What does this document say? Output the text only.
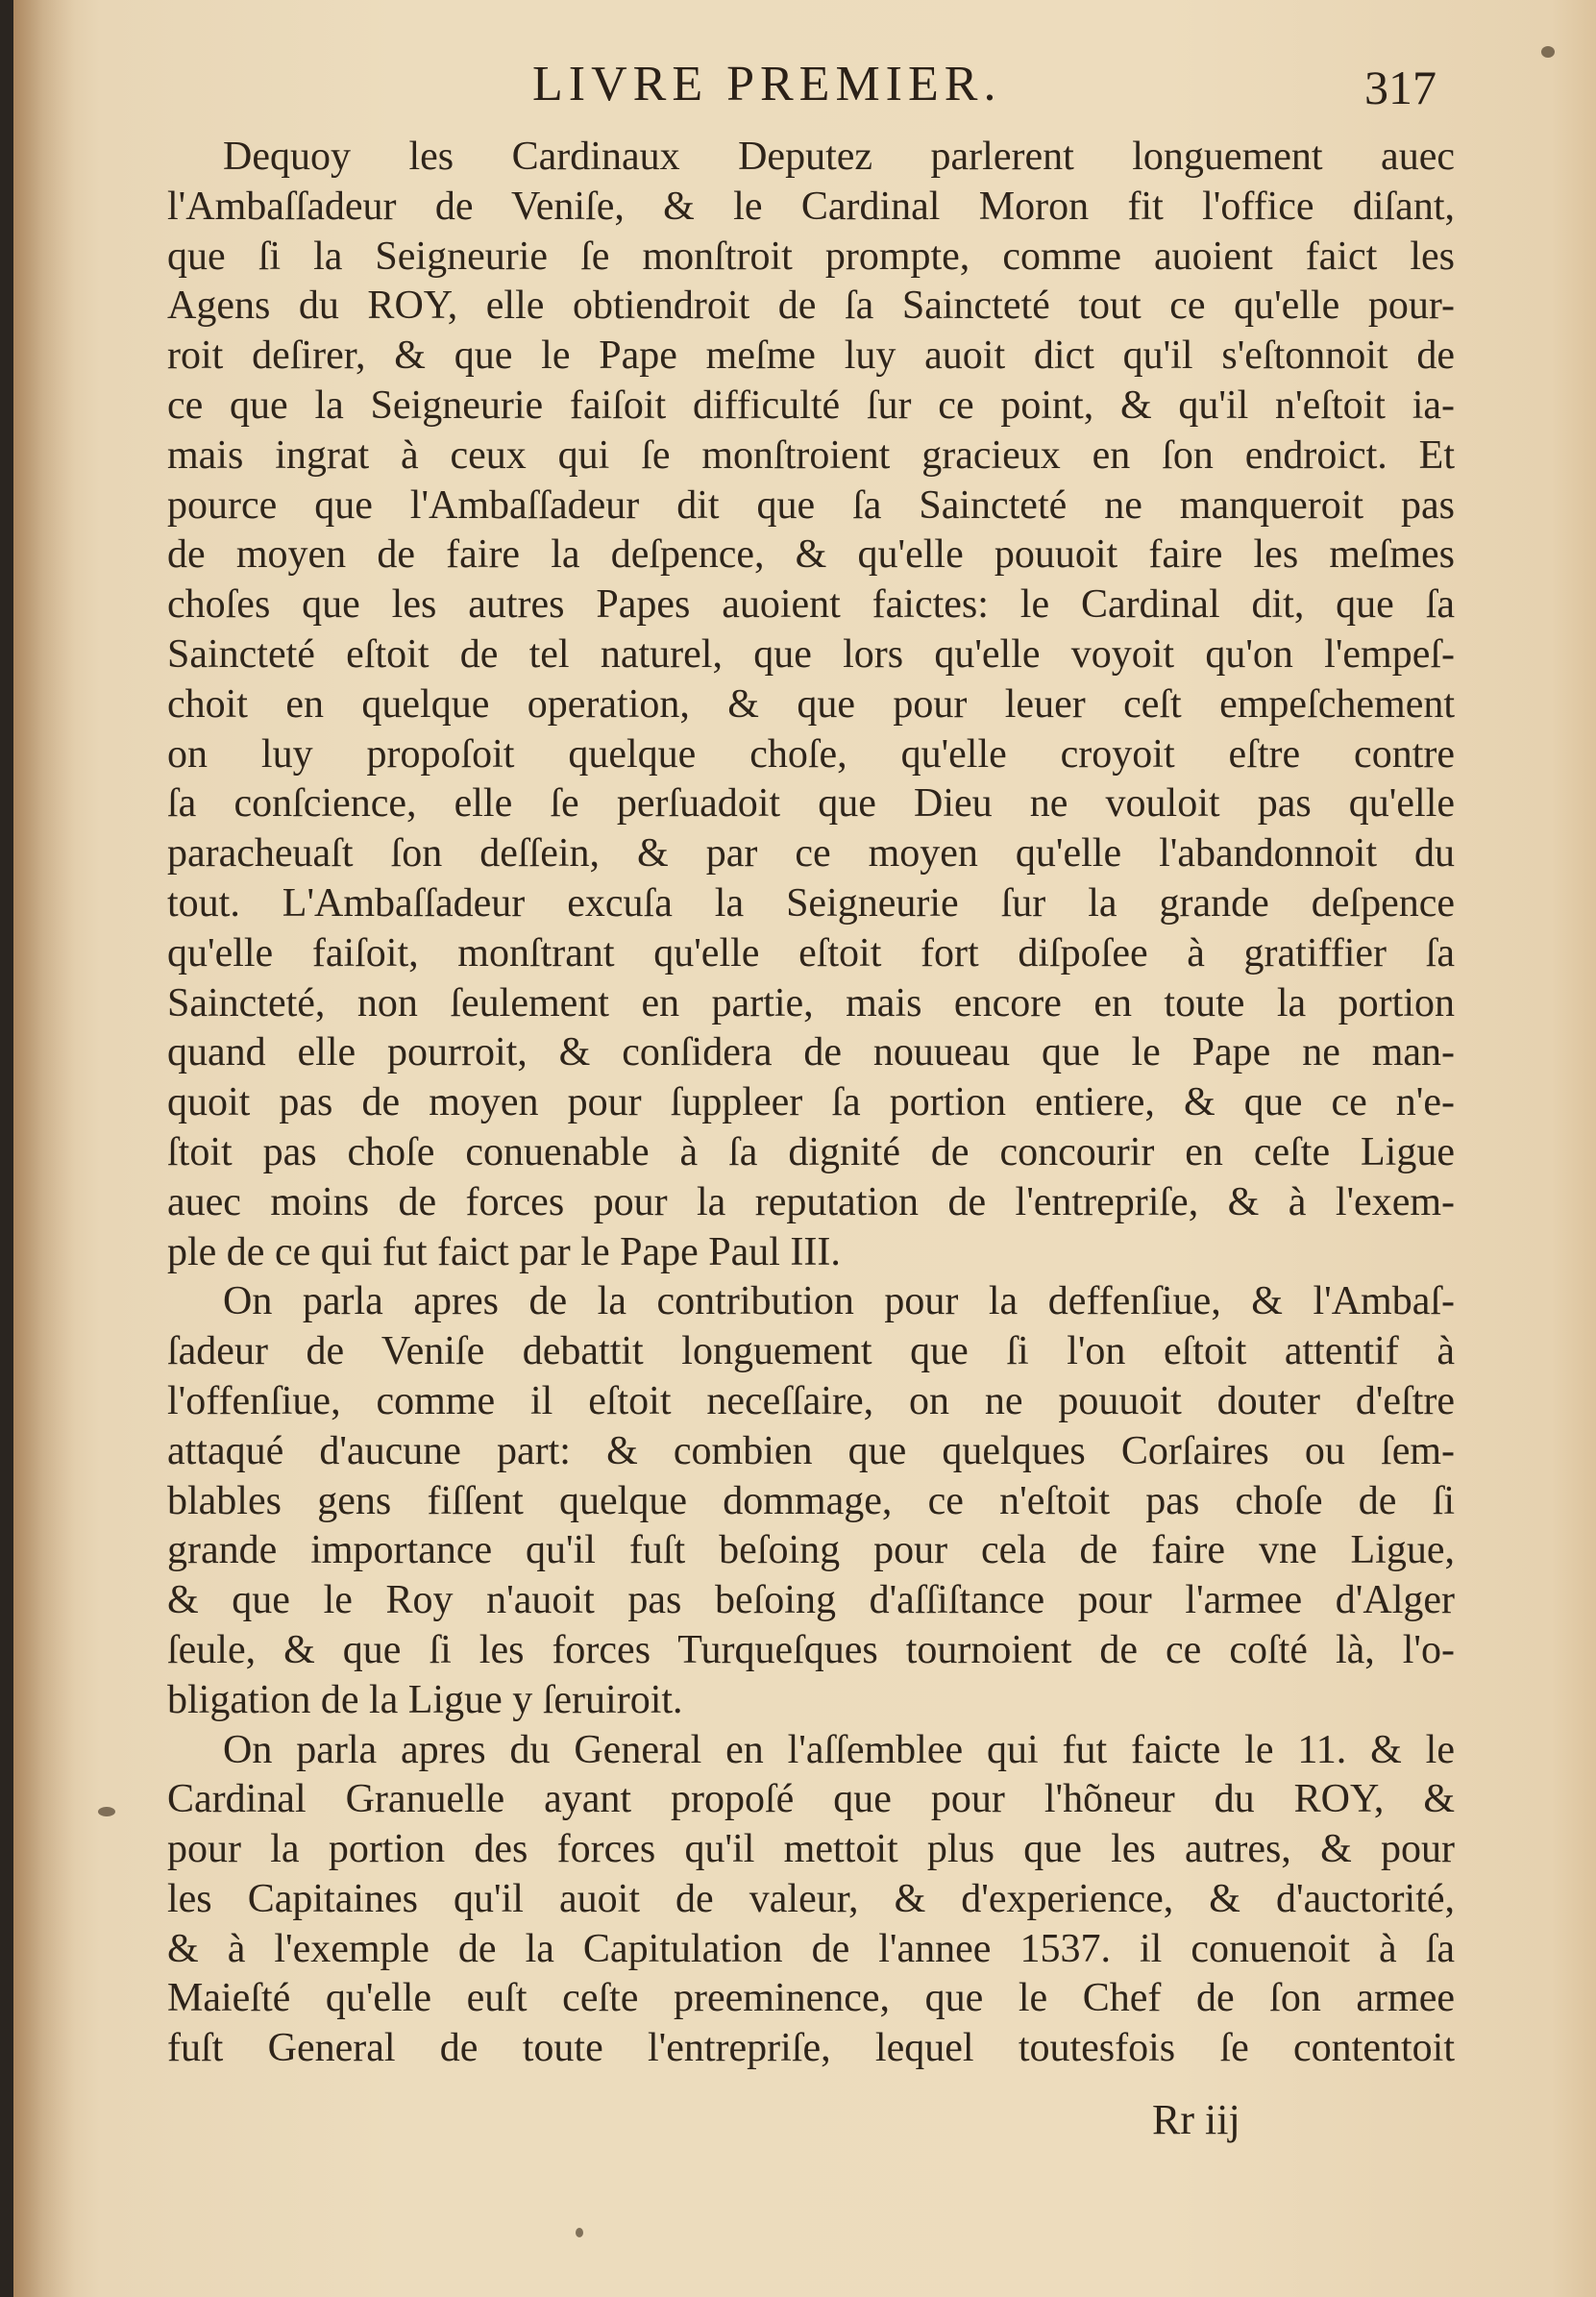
LIVRE PREMIER.	317
Dequoy les Cardinaux Deputez parlerent longuement auec
l'Ambaſſadeur de Veniſe, & le Cardinal Moron fit l'office diſant,
que ſi la Seigneurie ſe monſtroit prompte, comme auoient faict les
Agens du ROY, elle obtiendroit de ſa Saincteté tout ce qu'elle pour-
roit deſirer, & que le Pape meſme luy auoit dict qu'il s'eſtonnoit de
ce que la Seigneurie faiſoit difficulté ſur ce point, & qu'il n'eſtoit ia-
mais ingrat à ceux qui ſe monſtroient gracieux en ſon endroict. Et
pource que l'Ambaſſadeur dit que ſa Saincteté ne manqueroit pas
de moyen de faire la deſpence, & qu'elle pouuoit faire les meſmes
choſes que les autres Papes auoient faictes: le Cardinal dit, que ſa
Saincteté eſtoit de tel naturel, que lors qu'elle voyoit qu'on l'empeſ-
choit en quelque operation, & que pour leuer ceſt empeſchement
on luy propoſoit quelque choſe, qu'elle croyoit eſtre contre
ſa conſcience, elle ſe perſuadoit que Dieu ne vouloit pas qu'elle
paracheuaſt ſon deſſein, & par ce moyen qu'elle l'abandonnoit du
tout. L'Ambaſſadeur excuſa la Seigneurie ſur la grande deſpence
qu'elle faiſoit, monſtrant qu'elle eſtoit fort diſpoſee à gratiffier ſa
Saincteté, non ſeulement en partie, mais encore en toute la portion
quand elle pourroit, & conſidera de nouueau que le Pape ne man-
quoit pas de moyen pour ſuppleer ſa portion entiere, & que ce n'e-
ſtoit pas choſe conuenable à ſa dignité de concourir en ceſte Ligue
auec moins de forces pour la reputation de l'entrepriſe, & à l'exem-
ple de ce qui fut faict par le Pape Paul III.
On parla apres de la contribution pour la deffenſiue, & l'Ambaſ-
ſadeur de Veniſe debattit longuement que ſi l'on eſtoit attentif à
l'offenſiue, comme il eſtoit neceſſaire, on ne pouuoit douter d'eſtre
attaqué d'aucune part: & combien que quelques Corſaires ou ſem-
blables gens fiſſent quelque dommage, ce n'eſtoit pas choſe de ſi
grande importance qu'il fuſt beſoing pour cela de faire vne Ligue,
& que le Roy n'auoit pas beſoing d'aſſiſtance pour l'armee d'Alger
ſeule, & que ſi les forces Turqueſques tournoient de ce coſté là, l'o-
bligation de la Ligue y ſeruiroit.
On parla apres du General en l'aſſemblee qui fut faicte le 11. & le
Cardinal Granuelle ayant propoſé que pour l'hõneur du ROY, &
pour la portion des forces qu'il mettoit plus que les autres, & pour
les Capitaines qu'il auoit de valeur, & d'experience, & d'auctorité,
& à l'exemple de la Capitulation de l'annee 1537. il conuenoit à ſa
Maieſté qu'elle euſt ceſte preeminence, que le Chef de ſon armee
fuſt General de toute l'entrepriſe, lequel toutesfois ſe contentoit
Rr iij
